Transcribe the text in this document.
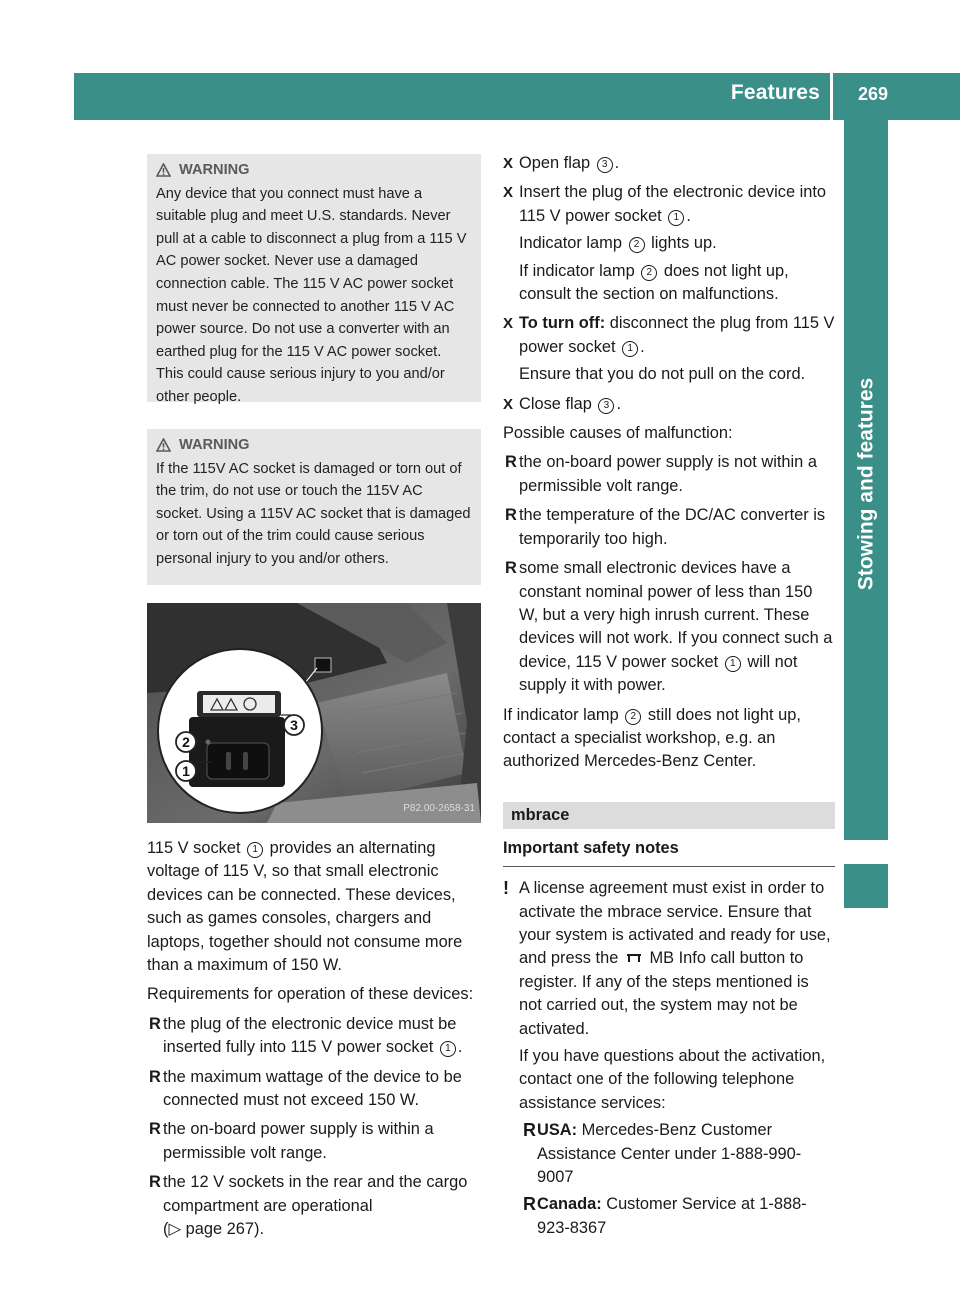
Features 269
Stowing and features
WARNING

Any device that you connect must have a suitable plug and meet U.S. standards. Never pull at a cable to disconnect a plug from a 115 V AC power socket. Never use a damaged connection cable. The 115 V AC power socket must never be connected to another 115 V AC power source. Do not use a converter with an earthed plug for the 115 V AC power socket. This could cause serious injury to you and/or other people.

WARNING

If the 115V AC socket is damaged or torn out of the trim, do not use or touch the 115V AC socket. Using a 115V AC socket that is damaged or torn out of the trim could cause serious personal injury to you and/or others.

2
1
3
P82.00-2658-31

115 V socket 1 provides an alternating voltage of 115 V, so that small electronic devices can be connected. These devices, such as games consoles, chargers and laptops, together should not consume more than a maximum of 150 W.

Requirements for operation of these devices:

R the plug of the electronic device must be inserted fully into 115 V power socket 1 .
R the maximum wattage of the device to be connected must not exceed 150 W.
R the on-board power supply is within a permissible volt range.
R the 12 V sockets in the rear and the cargo compartment are operational
(▷ page 267).
X Open flap 3 .
X Insert the plug of the electronic device into 115 V power socket 1 .
Indicator lamp 2 lights up.
If indicator lamp 2 does not light up, consult the section on malfunctions.
X To turn off: disconnect the plug from 115 V power socket 1 .
Ensure that you do not pull on the cord.
X Close flap 3 .

Possible causes of malfunction:

R the on-board power supply is not within a permissible volt range.
R the temperature of the DC/AC converter is temporarily too high.
R some small electronic devices have a constant nominal power of less than 150 W, but a very high inrush current. These devices will not work. If you connect such a device, 115 V power socket 1 will not supply it with power.

If indicator lamp 2 still does not light up, contact a specialist workshop, e.g. an authorized Mercedes-Benz Center.

mbrace
Important safety notes
! A license agreement must exist in order to activate the mbrace service. Ensure that your system is activated and ready for use, and press the MB Info call button to register. If any of the steps mentioned is not carried out, the system may not be activated.
If you have questions about the activation, contact one of the following telephone assistance services:
R USA: Mercedes-Benz Customer Assistance Center under 1-888-990-9007
R Canada: Customer Service at 1-888-923-8367
